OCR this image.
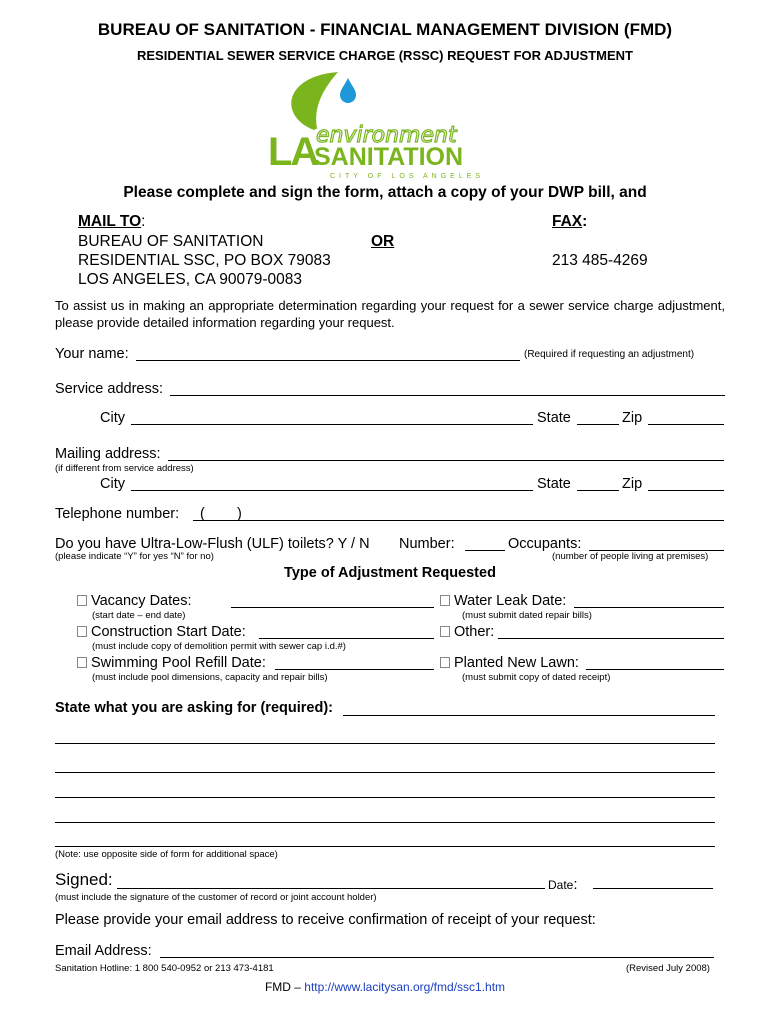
BUREAU OF SANITATION - FINANCIAL MANAGEMENT DIVISION (FMD)
RESIDENTIAL SEWER SERVICE CHARGE (RSSC) REQUEST FOR ADJUSTMENT
environment
LA
SANITATION
CITY OF LOS ANGELES
Please complete and sign the form, attach a copy of your DWP bill, and
MAIL TO:
BUREAU OF SANITATION
RESIDENTIAL SSC, PO BOX 79083
LOS ANGELES, CA 90079-0083
OR
FAX:
213 485-4269
To assist us in making an appropriate determination regarding your request for a sewer service charge adjustment, please provide detailed information regarding your request.
Your name:	(Required if requesting an adjustment)
Service address:
City	State	Zip
Mailing address:
(if different from service address)
City	State	Zip
Telephone number: (        )
Do you have Ultra-Low-Flush (ULF) toilets? Y / N
(please indicate “Y” for yes “N” for no)
Number:	Occupants:
(number of people living at premises)
Type of Adjustment Requested
Vacancy Dates:
(start date – end date)
Water Leak Date:
(must submit dated repair bills)
Construction Start Date:
(must include copy of demolition permit with sewer cap i.d.#)
Other:
Swimming Pool Refill Date:
(must include pool dimensions, capacity and repair bills)
Planted New Lawn:
(must submit copy of dated receipt)
State what you are asking for (required):
(Note: use opposite side of form for additional space)
Signed:	Date:
(must include the signature of the customer of record or joint account holder)
Please provide your email address to receive confirmation of receipt of your request:
Email Address:
Sanitation Hotline: 1 800 540-0952 or 213 473-4181	(Revised July 2008)
FMD – http://www.lacitysan.org/fmd/ssc1.htm
